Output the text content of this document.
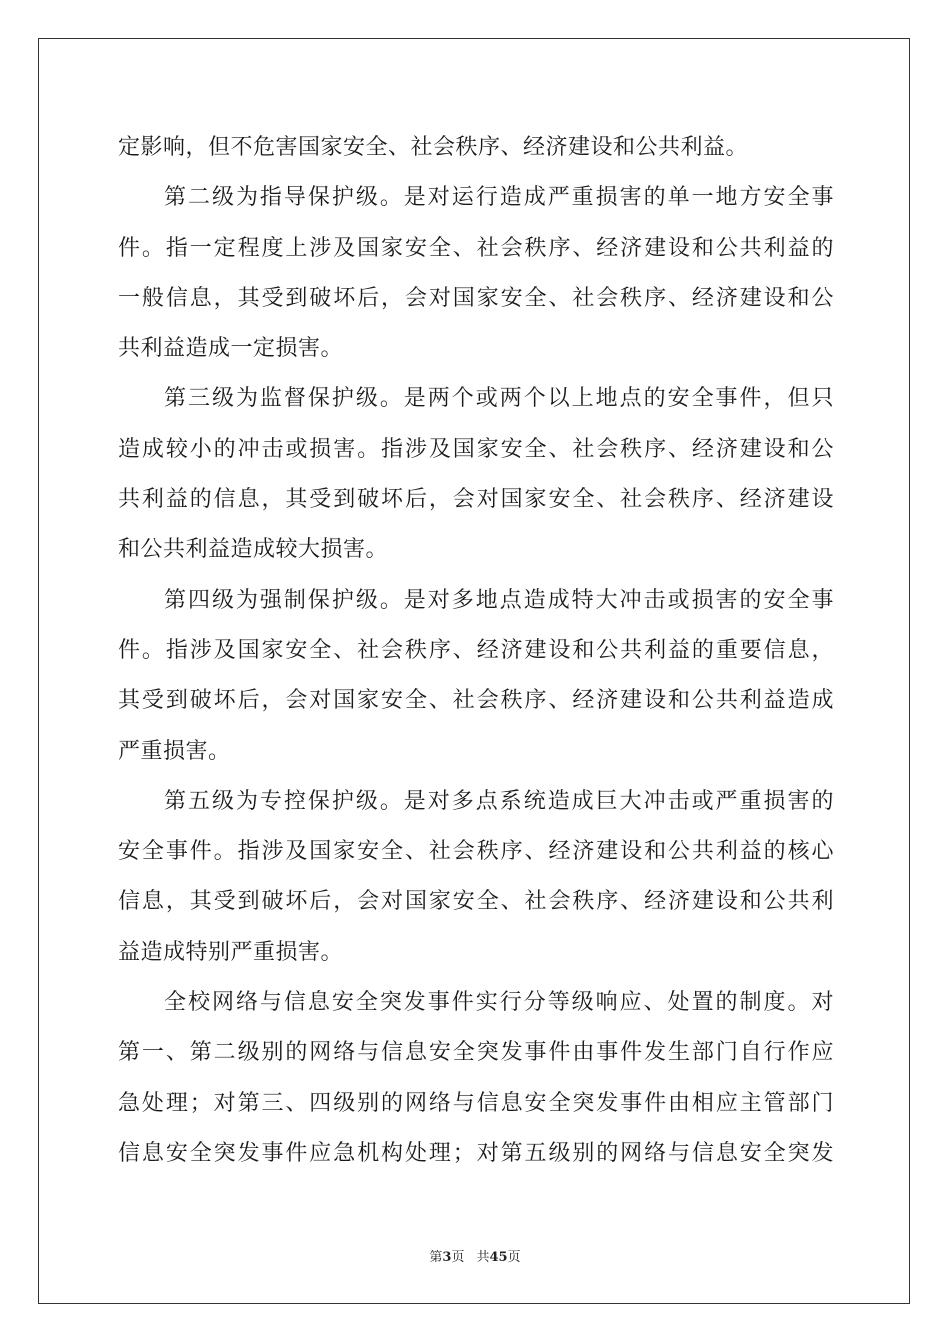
定影响，但不危害国家安全、社会秩序、经济建设和公共利益。
第二级为指导保护级。是对运行造成严重损害的单一地方安全事
件。指一定程度上涉及国家安全、社会秩序、经济建设和公共利益的
一般信息，其受到破坏后，会对国家安全、社会秩序、经济建设和公
共利益造成一定损害。
第三级为监督保护级。是两个或两个以上地点的安全事件，但只
造成较小的冲击或损害。指涉及国家安全、社会秩序、经济建设和公
共利益的信息，其受到破坏后，会对国家安全、社会秩序、经济建设
和公共利益造成较大损害。
第四级为强制保护级。是对多地点造成特大冲击或损害的安全事
件。指涉及国家安全、社会秩序、经济建设和公共利益的重要信息，
其受到破坏后，会对国家安全、社会秩序、经济建设和公共利益造成
严重损害。
第五级为专控保护级。是对多点系统造成巨大冲击或严重损害的
安全事件。指涉及国家安全、社会秩序、经济建设和公共利益的核心
信息，其受到破坏后，会对国家安全、社会秩序、经济建设和公共利
益造成特别严重损害。
全校网络与信息安全突发事件实行分等级响应、处置的制度。对
第一、第二级别的网络与信息安全突发事件由事件发生部门自行作应
急处理；对第三、四级别的网络与信息安全突发事件由相应主管部门
信息安全突发事件应急机构处理；对第五级别的网络与信息安全突发
第3页 共45页
